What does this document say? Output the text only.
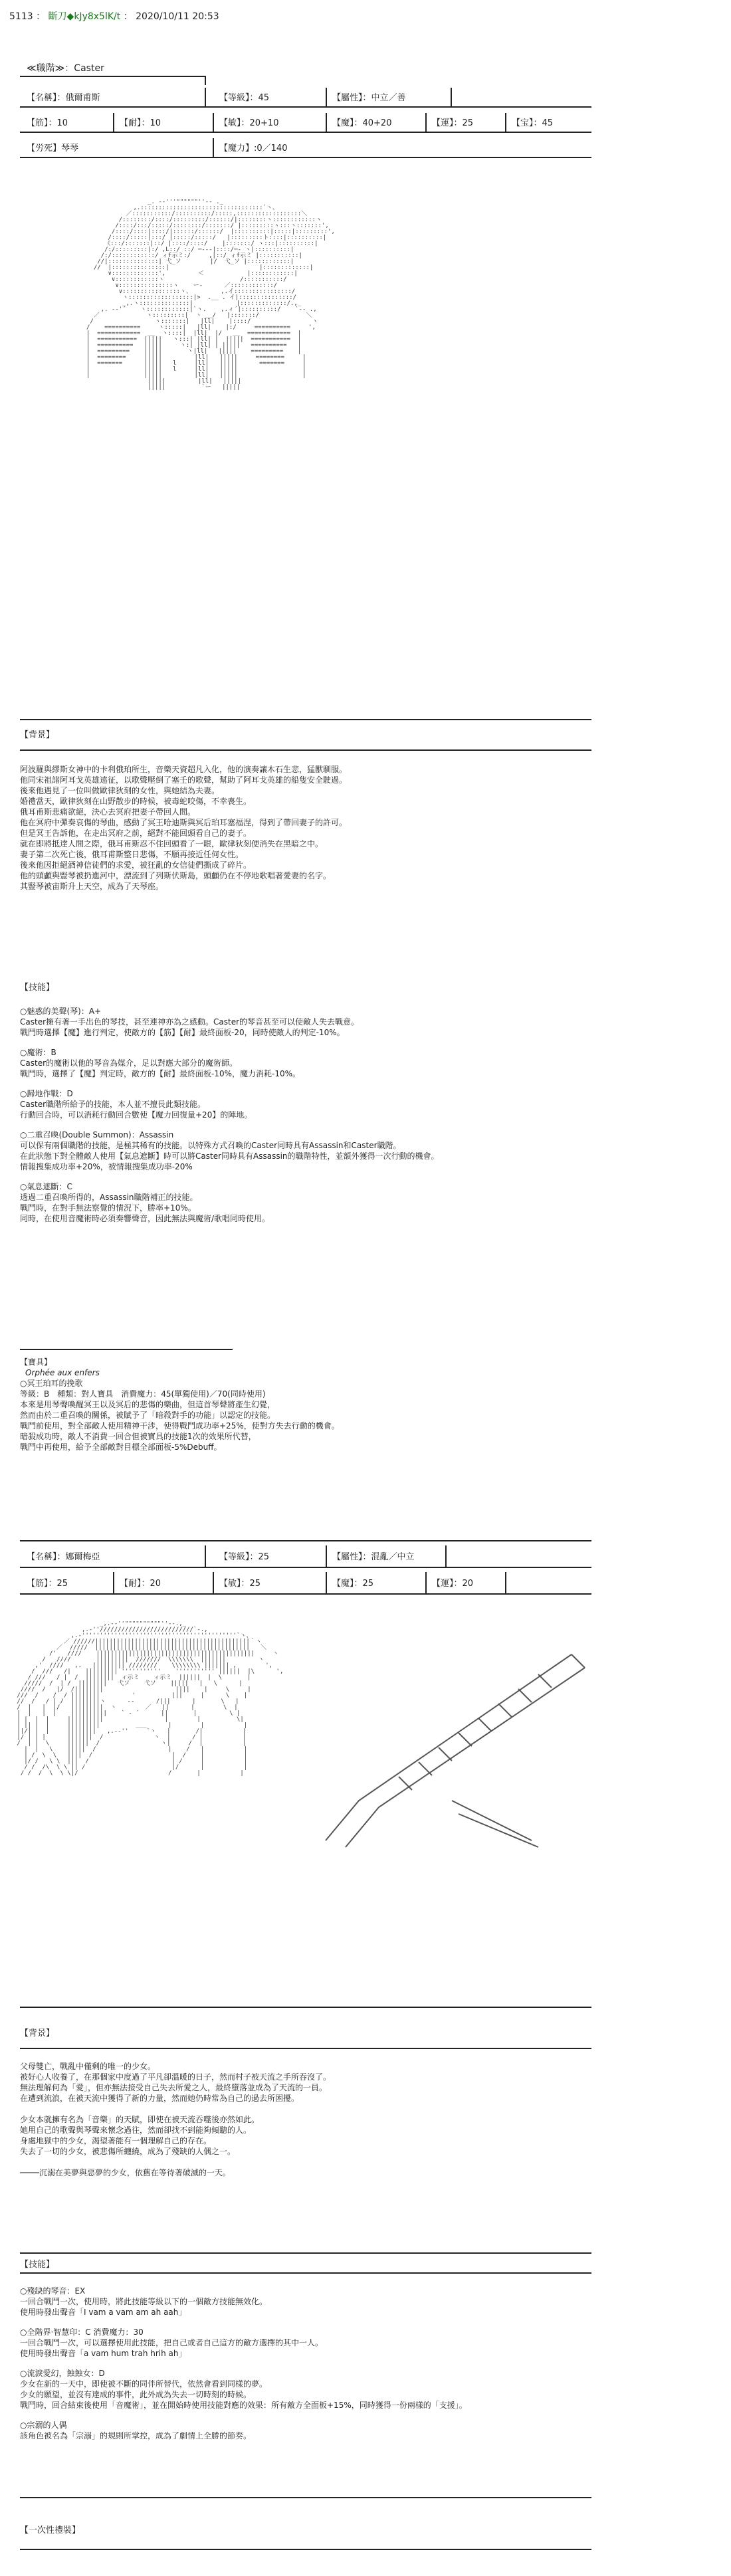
5113 ： 斷刀◆kJy8x5lK/t ： 2020/10/11 20:53
≪職階≫：Caster
【名稱】：俄爾甫斯	【等級】：45	【屬性】：中立／善
【筋】：10	【耐】：10	【敏】：20+10	【魔】：40+20	【運】：25	【宝】：45
【労死】琴琴	【魔力】:0／140
_. -‐'''""""""''‐- ._
,.::::::::::::::::::::::::::::::::::`ヽ、
／:::::::::::/::::::::::/:::::,::::::::::::::::::＼
/::::::::/::::/:::::::::/::::::/|::::::::ヽ::::::::::::ヽ
/::::/:::/:::::/::::::::/:::::::/ |:::::::::ヽ:::ヽ:::::::',
/::::/::::|::::/|::::::/::::::/  |::::::::::|:::::|:::::::::',
/::::/:::::|:::/ |:::::/:::::/   |:::::::::ト::::|::::::::::|
《:::/:::::::|::/ |::::/::::/    |:::::::/ ヽ:::|::::::::::|
/:/:::::::::|:/ ,L::/ ::/ ─---|::::/─‐ ヽ|::::::::::|
/:/::::::::::::/ ィf示ミ:/     ,|::/ ィf示ミ |:::::::::::|
//|::::::::::::::| 弋_ソ        |/  弋_ソ |::::::::::::|
//  |:::::::::::::::|                         |:::::::::::::|
∨:::::::::::::',         ＜            |::::::::::::|
∨::::::::::::ヽ                     /:::::::::::/
∨:::::::::::::::ヽ    ー‐      ／::::::::::::/
∨::::::::::::::::ヽ、        ,.イ::::::::::::::::/
ヽ::::::::::::::::::|>  .__ . イ|:::::::::::::::/
_,.ヽ::::::::::::::|            |:::::::::::::/.,_
,. -‐'´    ヽ::::::::::::|`ヽ.    ,.ィ´|::::::::::/    `‐- .,
／             ヽ:::::::::|  ヽ __/   |:::::::/             ＼
/                 ヽ:::::::|   |ll|    |::::/                 ヽ
/    ==========     ヽ:::::|   |ll|    |:/     ==========     ',
|  ============  __  ヽ::::|  |ll|  |/   __  ============  |
|  ===========  |||||   ヽ:::| |ll| |  |||||  ===========  |
|  ==========   |||||     ヽ:| |ll| | |||||   ==========   |
|  =========    |||||       ヽ|ll|   |||||    =========    |
|  ========     |||||         |ll|   |||||     ========     |
|  =======      |||||   l     |ll|   |||||      =======     |
|               |||||   l     |ll|   |||||                  |
|               |||||         |ll|   |||||                  |
|||||         |ll|   |||||
|||||          `ー   |||||
【背景】
阿波羅與繆斯女神中的卡利俄珀所生，音樂天資超凡入化，他的演奏讓木石生悲，猛獸馴服。
他同宋祖諸阿耳戈英雄遠征，以歌聲壓倒了塞壬的歌聲，幫助了阿耳戈英雄的船隻安全駛過。
後來他遇見了一位叫做歐律狄刻的女性，與她結為夫妻。
婚禮當天，歐律狄刻在山野散步的時候，被毒蛇咬傷，不幸喪生。
俄耳甫斯悲痛欲絕，決心去冥府把妻子帶回人間。
他在冥府中彈奏哀傷的琴曲，感動了冥王哈迪斯與冥后珀耳塞福涅，得到了帶回妻子的許可。
但是冥王告訴他，在走出冥府之前，絕對不能回頭看自己的妻子。
就在即將抵達人間之際，俄耳甫斯忍不住回頭看了一眼，歐律狄刻便消失在黑暗之中。
妻子第二次死亡後，俄耳甫斯整日悲傷，不願再接近任何女性。
後來他因拒絕酒神信徒們的求愛，被狂亂的女信徒們撕成了碎片。
他的頭顱與豎琴被扔進河中，漂流到了列斯伏斯島，頭顱仍在不停地歌唱著愛妻的名字。
其豎琴被宙斯升上天空，成為了天琴座。
【技能】
○魅惑的美聲(琴)：A+
Caster擁有著一手出色的琴技，甚至連神亦為之感動。Caster的琴音甚至可以使敵人失去戰意。
戰鬥時選擇【魔】進行判定，使敵方的【筋】【耐】最終面板-20，同時使敵人的判定-10%。
○魔術：B
Caster的魔術以他的琴音為媒介，足以對應大部分的魔術師。
戰鬥時，選擇了【魔】判定時，敵方的【耐】最終面板-10%，魔力消耗-10%。
○歸地作戰：D
Caster職階所給予的技能，本人並不擅長此類技能。
行動回合時，可以消耗行動回合數使【魔力回復量+20】的陣地。
○二重召喚(Double Summon)：Assassin
可以保有兩個職階的技能，是極其稀有的技能。以特殊方式召喚的Caster同時具有Assassin和Caster職階。
在此狀態下對全體敵人使用【氣息遮斷】時可以將Caster同時具有Assassin的職階特性，並額外獲得一次行動的機會。
情報搜集成功率+20%，被情報搜集成功率-20%
○氣息遮斷：C
透過二重召喚所得的，Assassin職階補正的技能。
戰鬥時，在對手無法察覺的情況下，勝率+10%。
同時，在使用音魔術時必須奏響聲音，因此無法與魔術/歌唱同時使用。
【寶具】
Orphée aux enfers
○冥王珀耳的挽歌
等級：B　種類：對人寶具　消費魔力：45(單獨使用)／70(同時使用)
本來是用琴聲喚醒冥王以及冥后的悲傷的樂曲，但這首琴聲將產生幻覺，
然而由於二重召喚的關係，被賦予了「暗殺對手的功能」以認定的技能。
戰鬥前使用，對全部敵人使用精神干涉，使得戰鬥成功率+25%，使對方失去行動的機會。
暗殺成功時，敵人不消費一回合但被寶具的技能1次的效果所代替，
戰鬥中再使用，給予全部敵對目標全部面板-5%Debuff。
【名稱】：娜爾梅亞	【等級】：25	【屬性】：混亂／中立
【筋】：25	【耐】：20	【敏】：25	【魔】：25	【運】：20
_,.-‐''""""""""""''‐-.,_
,.‐''//////////////////////////`‐.,
,.‐'''''''''''''''''''''''''''''''''''''''''''`ヽ、
／ //////|||||||||||||||||||||||||||||||||||||||||||｀ヽ
／  /////  |||||||||||||||||||||||||||||||||||||||||||   ＼
/'   ////    ||||||||||||||||||||||||||||||||||||||||||||     ヽ
/   ////       |||||||||  ///////  \\\\\\\  |||||||         ヽ
,'  ////   ,.   ||||||||| ////////    \\\\\\\\ ||||||| ,        ',
/  ///   /|    ||||||||| '''''''''''    ''''''''''' ||||||  |\      ',
/ ///   / |  /  ||||||||  ィ示ミ    ィ示ミ  ||||||  |  \       |
/////  /  | /  ||||||||   弋ソ    弋ソ    |||||   |   \      |
////  /   |/  /||||||||                    ||||    |     \     |
///  /    /  / ||||||||         '          |||     |      \    |
//  /   / | /  ||||||||ヽ      ‐‐      /|||      |       \   |
/  |   |  |/   |||||||||  ヽ        ／   ||      |        \  |
|  |   |  |    ||||||||||    ` ‐ ´      ||       |         \ |
| |  |  |     ||||||||||                 |        |          \|
| || |  |     |||||||||          ___      |        |           |
||/| |  |     ||||||||   ,.-‐''     `ヽ   |       /|           |
|/ | | |      |||||||  /              ヽ  |      / |           |
/  | |  \     ||||||  /                 ヽ|     /  |           |
|  |   \    |||||  /                    |    /   |           |
| /  \  \   ||||  /                      |  /    |           |
|/ /   \ \  |||  /                       | /     |           |
/ /  /\  \ \ || /                        |/      |           |
/ /  /  \  \ \|/                         /       |           |
【背景】
父母雙亡，戰亂中僅剩的唯一的少女。
被好心人收養了，在那個家中度過了平凡卻溫暖的日子，然而村子被天流之手所吞沒了。
無法理解何為「愛」，但亦無法接受自己失去所愛之人，最終墮落並成為了天流的一員。
在遭到流浪，在被天流中獲得了新的力量，然而她仍時常為自己的過去所困擾。

少女本就擁有名為「音樂」的天賦，即使在被天流吞噬後亦然如此。
她用自己的歌聲與琴聲來懷念過往，然而卻找不到能夠傾聽的人。
身處地獄中的少女，渴望著能有一個理解自己的存在。
失去了一切的少女，被悲傷所纏繞，成為了殘缺的人偶之一。

────沉溺在美夢與惡夢的少女，依舊在等待著破滅的一天。
【技能】
○殘缺的琴音：EX
一回合戰鬥一次，使用時，將此技能等級以下的一個敵方技能無效化。
使用時發出聲音「I vam a vam am ah aah」
○全階界·智慧印：C 消費魔力：30
一回合戰鬥一次，可以選擇使用此技能，把自己或者自己這方的敵方選擇的其中一人。
使用時發出聲音「a vam hum trah hrih ah」
○流淚愛幻，蝕蝕女：D
少女在新的一天中，即使被不斷的同伴所替代，依然會看到同樣的夢。
少女的願望，並沒有達成的事件，此外成為失去一切時刻的時候。
戰鬥時，回合結束後使用「音魔術」，並在開始時使用技能對應的效果：所有敵方全面板+15%，同時獲得一份兩樣的「支援」。
○宗溺的人偶
該角色被名為「宗溺」的規則所掌控，成為了劇情上全勝的節奏。
【一次性禮裝】
